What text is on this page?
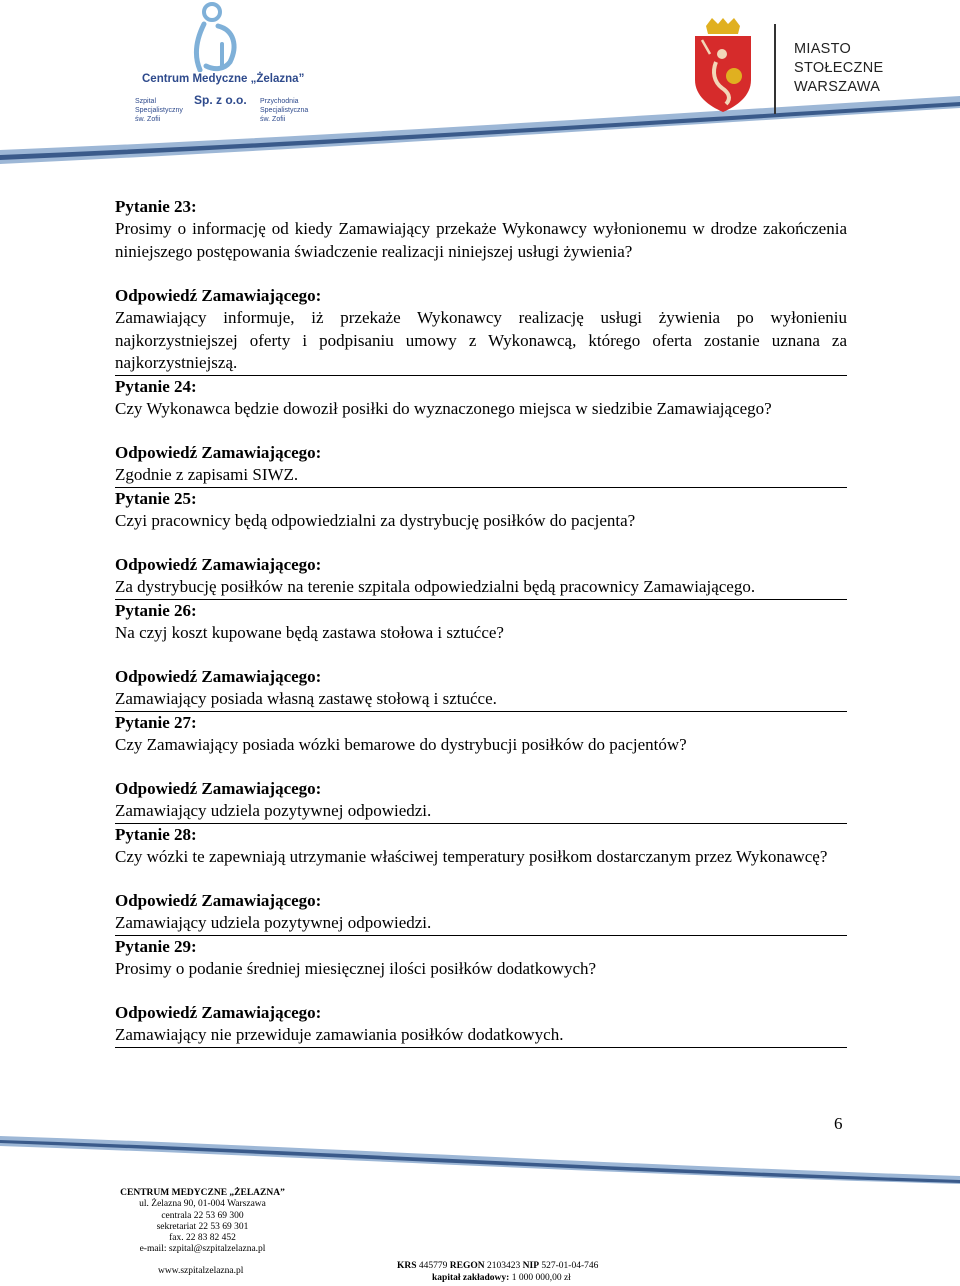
Centrum Medyczne „Żelazna”
Sp. z o.o.
Szpital
Specjalistyczny
św. Zofii
Przychodnia
Specjalistyczna
św. Zofii
MIASTO
STOŁECZNE
WARSZAWA
Pytanie 23:
Prosimy o informację od kiedy Zamawiający przekaże Wykonawcy wyłonionemu w drodze zakończenia niniejszego postępowania świadczenie realizacji niniejszej usługi żywienia?
Odpowiedź Zamawiającego:
Zamawiający informuje, iż przekaże Wykonawcy realizację usługi żywienia po wyłonieniu najkorzystniejszej oferty i podpisaniu umowy z Wykonawcą, którego oferta zostanie uznana za najkorzystniejszą.
Pytanie 24:
Czy Wykonawca będzie dowoził posiłki do wyznaczonego miejsca w siedzibie Zamawiającego?
Odpowiedź Zamawiającego:
Zgodnie z zapisami SIWZ.
Pytanie 25:
Czyi pracownicy będą odpowiedzialni za dystrybucję posiłków do pacjenta?
Odpowiedź Zamawiającego:
Za dystrybucję posiłków na terenie szpitala odpowiedzialni będą pracownicy Zamawiającego.
Pytanie 26:
Na czyj koszt kupowane będą zastawa stołowa i sztućce?
Odpowiedź Zamawiającego:
Zamawiający posiada własną zastawę stołową i sztućce.
Pytanie 27:
Czy Zamawiający posiada wózki bemarowe do dystrybucji posiłków do pacjentów?
Odpowiedź Zamawiającego:
Zamawiający udziela pozytywnej odpowiedzi.
Pytanie 28:
Czy wózki te zapewniają utrzymanie właściwej temperatury posiłkom dostarczanym przez Wykonawcę?
Odpowiedź Zamawiającego:
Zamawiający udziela pozytywnej odpowiedzi.
Pytanie 29:
Prosimy o podanie średniej miesięcznej ilości posiłków dodatkowych?
Odpowiedź Zamawiającego:
Zamawiający nie przewiduje zamawiania posiłków dodatkowych.
6
CENTRUM MEDYCZNE „ŻELAZNA”
ul. Żelazna 90, 01-004 Warszawa
centrala 22 53 69 300
sekretariat 22 53 69 301
fax. 22 83 82 452
e-mail: szpital@szpitalzelazna.pl
www.szpitalzelazna.pl	KRS 445779 REGON 2103423 NIP 527-01-04-746
kapitał zakładowy: 1 000 000,00 zł
